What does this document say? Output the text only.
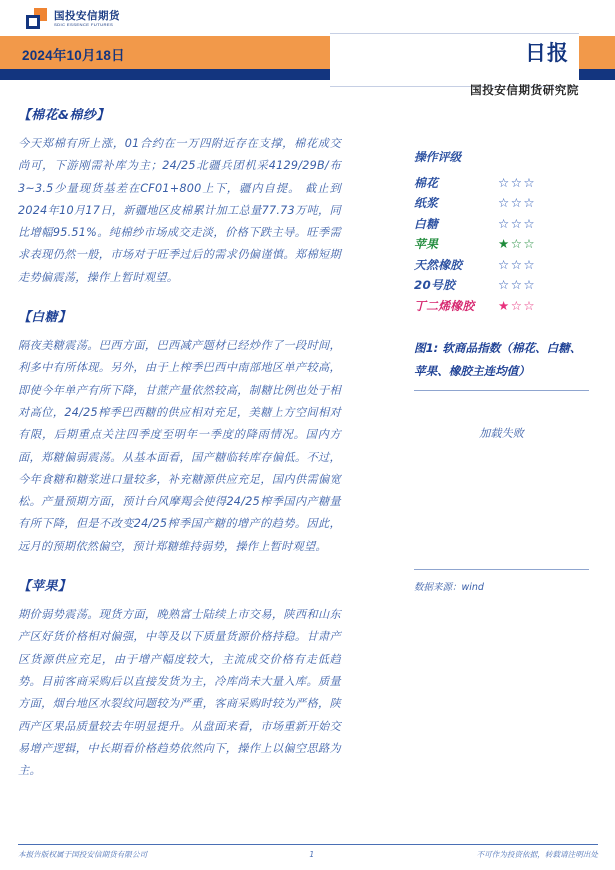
国投安信期货
SDIC ESSENCE FUTURES
2024年10月18日	日报
国投安信期货研究院
【棉花&棉纱】
今天郑棉有所上涨，01合约在一万四附近存在支撑，棉花成交尚可，下游刚需补库为主；24/25北疆兵团机采4129/29B/布3~3.5少量现货基差在CF01+800上下，疆内自提。 截止到2024年10月17日，新疆地区皮棉累计加工总量77.73万吨，同比增幅95.51%。纯棉纱市场成交走淡，价格下跌主导。旺季需求表现仍然一般，市场对于旺季过后的需求仍偏谨慎。郑棉短期走势偏震荡，操作上暂时观望。
【白糖】
隔夜美糖震荡。巴西方面，巴西减产题材已经炒作了一段时间，利多中有所体现。另外，由于上榨季巴西中南部地区单产较高，即使今年单产有所下降，甘蔗产量依然较高，制糖比例也处于相对高位，24/25榨季巴西糖的供应相对充足，美糖上方空间相对有限，后期重点关注四季度至明年一季度的降雨情况。国内方面，郑糖偏弱震荡。从基本面看，国产糖临转库存偏低。不过，今年食糖和糖浆进口量较多，补充糖源供应充足，国内供需偏宽松。产量预期方面，预计台风摩羯会使得24/25榨季国内产糖量有所下降，但是不改变24/25榨季国产糖的增产的趋势。因此，远月的预期依然偏空，预计郑糖维持弱势，操作上暂时观望。
【苹果】
期价弱势震荡。现货方面，晚熟富士陆续上市交易，陕西和山东产区好货价格相对偏强，中等及以下质量货源价格持稳。甘肃产区货源供应充足，由于增产幅度较大，主流成交价格有走低趋势。目前客商采购后以直接发货为主，冷库尚未大量入库。质量方面，烟台地区水裂纹问题较为严重，客商采购时较为严格，陕西产区果品质量较去年明显提升。从盘面来看，市场重新开始交易增产逻辑，中长期看价格趋势依然向下，操作上以偏空思路为主。
操作评级
棉花	☆☆☆
纸浆	☆☆☆
白糖	☆☆☆
苹果	★☆☆
天然橡胶	☆☆☆
20号胶	☆☆☆
丁二烯橡胶	★☆☆
图1: 软商品指数（棉花、白糖、苹果、橡胶主连均值）
加载失败
数据来源：wind
本报告版权属于国投安信期货有限公司	1	不可作为投资依据，转载请注明出处
